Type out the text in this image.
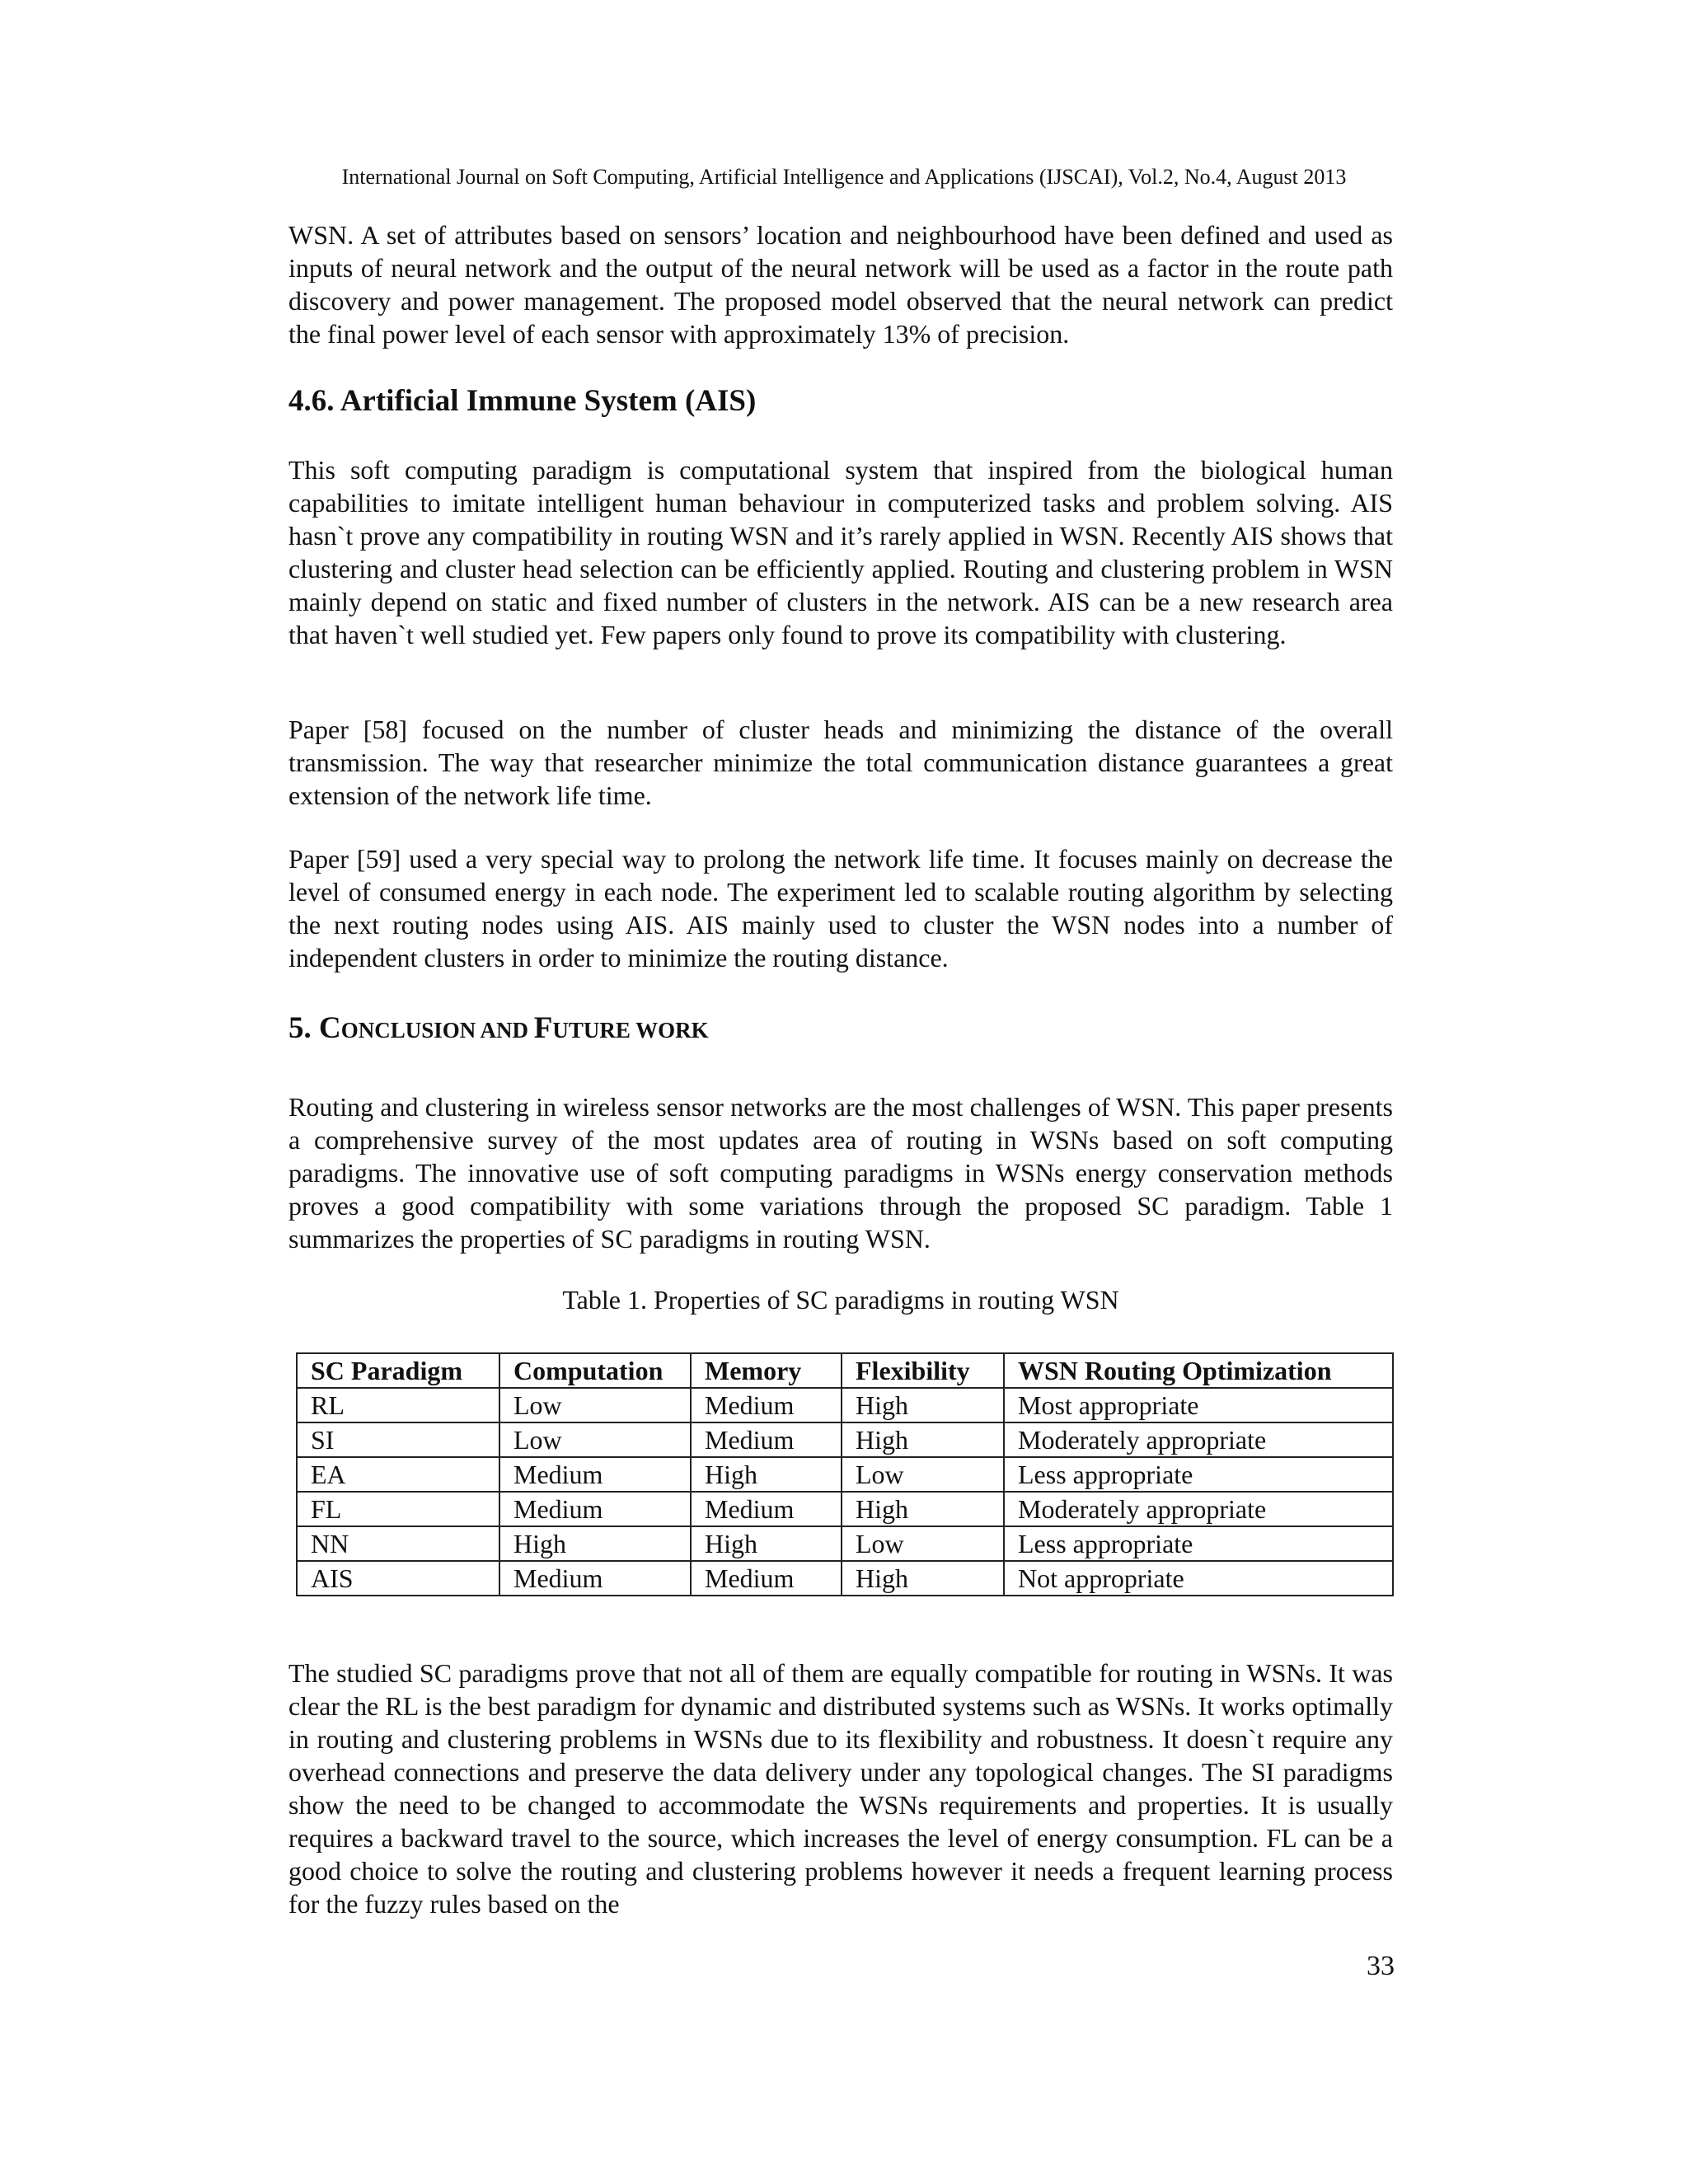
International Journal on Soft Computing, Artificial Intelligence and Applications (IJSCAI), Vol.2, No.4, August 2013

WSN. A set of attributes based on sensors’ location and neighbourhood have been defined and used as inputs of neural network and the output of the neural network will be used as a factor in the route path discovery and power management. The proposed model observed that the neural network can predict the final power level of each sensor with approximately 13% of precision.

4.6. Artificial Immune System (AIS)

This soft computing paradigm is computational system that inspired from the biological human capabilities to imitate intelligent human behaviour in computerized tasks and problem solving. AIS hasn`t prove any compatibility in routing WSN and it’s rarely applied in WSN. Recently AIS shows that clustering and cluster head selection can be efficiently applied. Routing and clustering problem in WSN mainly depend on static and fixed number of clusters in the network. AIS can be a new research area that haven`t well studied yet. Few papers only found to prove its compatibility with clustering.

Paper [58] focused on the number of cluster heads and minimizing the distance of the overall transmission. The way that researcher minimize the total communication distance guarantees a great extension of the network life time.

Paper [59] used a very special way to prolong the network life time. It focuses mainly on decrease the level of consumed energy in each node. The experiment led to scalable routing algorithm by selecting the next routing nodes using AIS. AIS mainly used to cluster the WSN nodes into a number of independent clusters in order to minimize the routing distance.

5. CONCLUSION AND FUTURE WORK

Routing and clustering in wireless sensor networks are the most challenges of WSN. This paper presents a comprehensive survey of the most updates area of routing in WSNs based on soft computing paradigms. The innovative use of soft computing paradigms in WSNs energy conservation methods proves a good compatibility with some variations through the proposed SC paradigm. Table 1 summarizes the properties of SC paradigms in routing WSN.

Table 1. Properties of SC paradigms in routing WSN
SC Paradigm	Computation	Memory	Flexibility	WSN Routing Optimization
RL	Low	Medium	High	Most appropriate
SI	Low	Medium	High	Moderately appropriate
EA	Medium	High	Low	Less appropriate
FL	Medium	Medium	High	Moderately appropriate
NN	High	High	Low	Less appropriate
AIS	Medium	Medium	High	Not appropriate

The studied SC paradigms prove that not all of them are equally compatible for routing in WSNs. It was clear the RL is the best paradigm for dynamic and distributed systems such as WSNs. It works optimally in routing and clustering problems in WSNs due to its flexibility and robustness. It doesn`t require any overhead connections and preserve the data delivery under any topological changes. The SI paradigms show the need to be changed to accommodate the WSNs requirements and properties. It is usually requires a backward travel to the source, which increases the level of energy consumption. FL can be a good choice to solve the routing and clustering problems however it needs a frequent learning process for the fuzzy rules based on the

33
